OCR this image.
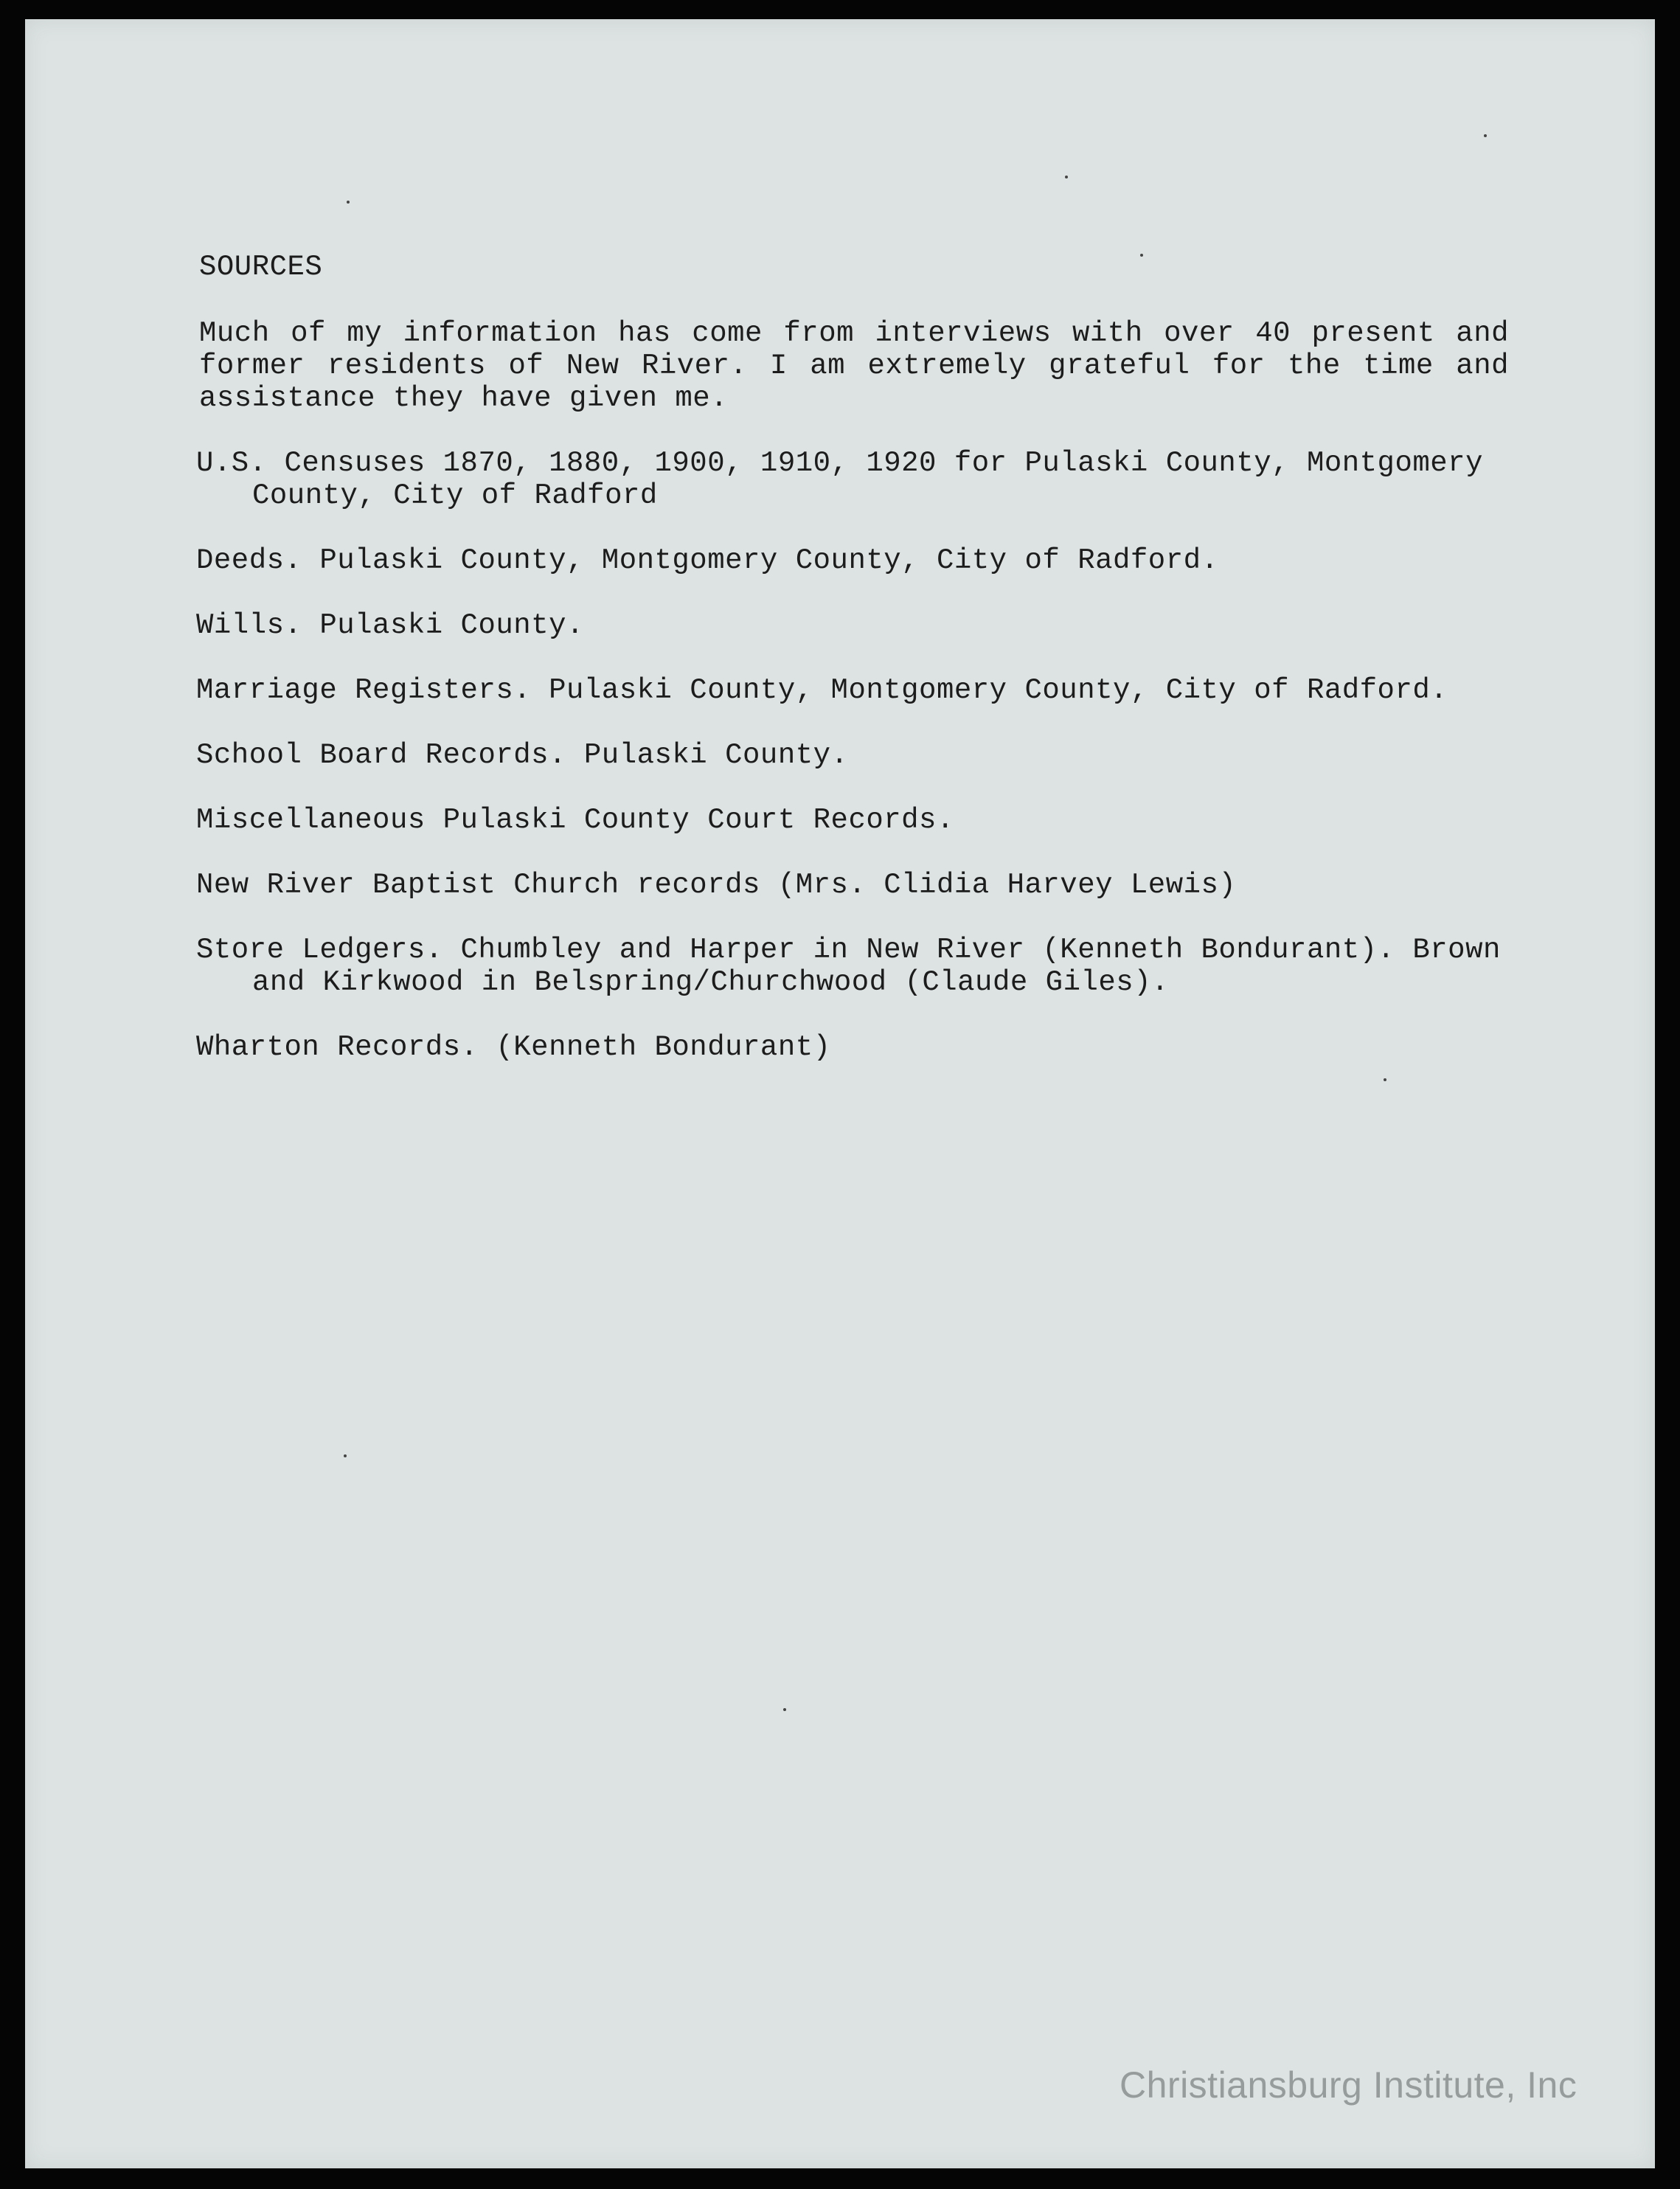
SOURCES

Much of my information has come from interviews with over 40 present and former residents of New River. I am extremely grateful for the time and assistance they have given me.

U.S. Censuses 1870, 1880, 1900, 1910, 1920 for Pulaski County, Montgomery County, City of Radford
Deeds. Pulaski County, Montgomery County, City of Radford.
Wills. Pulaski County.
Marriage Registers. Pulaski County, Montgomery County, City of Radford.
School Board Records. Pulaski County.
Miscellaneous Pulaski County Court Records.
New River Baptist Church records (Mrs. Clidia Harvey Lewis)
Store Ledgers. Chumbley and Harper in New River (Kenneth Bondurant). Brown and Kirkwood in Belspring/Churchwood (Claude Giles).
Wharton Records. (Kenneth Bondurant)
Christiansburg Institute, Inc
